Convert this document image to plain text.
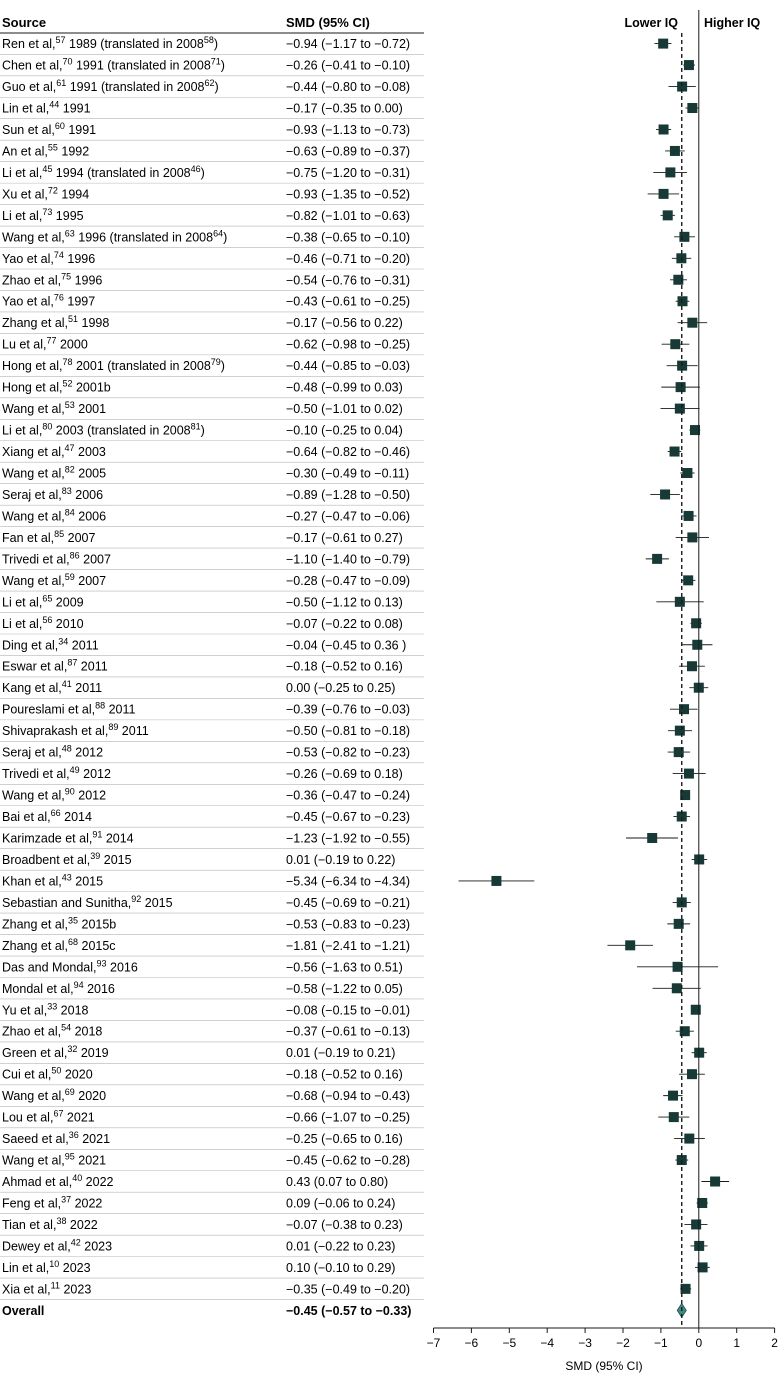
Source	SMD (95% CI)	Lower IQ Higher IQ
Ren et al,$^{57}$ 1989 (translated in $2008^{58}$)	−0.94 (−1.17 to −0.72)
Chen et al,$^{70}$ 1991 (translated in $2008^{71}$)	−0.26 (−0.41 to −0.10)
Guo et al,$^{61}$ 1991 (translated in $2008^{62}$)	−0.44 (−0.80 to −0.08)
Lin et al,$^{44}$ 1991	−0.17 (−0.35 to 0.00)
Sun et al,$^{60}$ 1991	−0.93 (−1.13 to −0.73)
An et al,$^{55}$ 1992	−0.63 (−0.89 to −0.37)
Li et al,$^{45}$ 1994 (translated in $2008^{46}$)	−0.75 (−1.20 to −0.31)
Xu et al,$^{72}$ 1994	−0.93 (−1.35 to −0.52)
Li et al,$^{73}$ 1995	−0.82 (−1.01 to −0.63)
Wang et al,$^{63}$ 1996 (translated in $2008^{64}$)	−0.38 (−0.65 to −0.10)
Yao et al,$^{74}$ 1996	−0.46 (−0.71 to −0.20)
Zhao et al,$^{75}$ 1996	−0.54 (−0.76 to −0.31)
Yao et al,$^{76}$ 1997	−0.43 (−0.61 to −0.25)
Zhang et al,$^{51}$ 1998	−0.17 (−0.56 to 0.22)
Lu et al,$^{77}$ 2000	−0.62 (−0.98 to −0.25)
Hong et al,$^{78}$ 2001 (translated in $2008^{79}$)	−0.44 (−0.85 to −0.03)
Hong et al,$^{52}$ 2001b	−0.48 (−0.99 to 0.03)
Wang et al,$^{53}$ 2001	−0.50 (−1.01 to 0.02)
Li et al,$^{80}$ 2003 (translated in $2008^{81}$)	−0.10 (−0.25 to 0.04)
Xiang et al,$^{47}$ 2003	−0.64 (−0.82 to −0.46)
Wang et al,$^{82}$ 2005	−0.30 (−0.49 to −0.11)
Seraj et al,$^{83}$ 2006	−0.89 (−1.28 to −0.50)
Wang et al,$^{84}$ 2006	−0.27 (−0.47 to −0.06)
Fan et al,$^{85}$ 2007	−0.17 (−0.61 to 0.27)
Trivedi et al,$^{86}$ 2007	−1.10 (−1.40 to −0.79)
Wang et al,$^{59}$ 2007	−0.28 (−0.47 to −0.09)
Li et al,$^{65}$ 2009	−0.50 (−1.12 to 0.13)
Li et al,$^{56}$ 2010	−0.07 (−0.22 to 0.08)
Ding et al,$^{34}$ 2011	−0.04 (−0.45 to 0.36 )
Eswar et al,$^{87}$ 2011	−0.18 (−0.52 to 0.16)
Kang et al,$^{41}$ 2011	0.00 (−0.25 to 0.25)
Poureslami et al,$^{88}$ 2011	−0.39 (−0.76 to −0.03)
Shivaprakash et al,$^{89}$ 2011	−0.50 (−0.81 to −0.18)
Seraj et al,$^{48}$ 2012	−0.53 (−0.82 to −0.23)
Trivedi et al,$^{49}$ 2012	−0.26 (−0.69 to 0.18)
Wang et al,$^{90}$ 2012	−0.36 (−0.47 to −0.24)
Bai et al,$^{66}$ 2014	−0.45 (−0.67 to −0.23)
Karimzade et al,$^{91}$ 2014	−1.23 (−1.92 to −0.55)
Broadbent et al,$^{39}$ 2015	0.01 (−0.19 to 0.22)
Khan et al,$^{43}$ 2015	−5.34 (−6.34 to −4.34)
Sebastian and Sunitha,$^{92}$ 2015	−0.45 (−0.69 to −0.21)
Zhang et al,$^{35}$ 2015b	−0.53 (−0.83 to −0.23)
Zhang et al,$^{68}$ 2015c	−1.81 (−2.41 to −1.21)
Das and Mondal,$^{93}$ 2016	−0.56 (−1.63 to 0.51)
Mondal et al,$^{94}$ 2016	−0.58 (−1.22 to 0.05)
Yu et al,$^{33}$ 2018	−0.08 (−0.15 to −0.01)
Zhao et al,$^{54}$ 2018	−0.37 (−0.61 to −0.13)
Green et al,$^{32}$ 2019	0.01 (−0.19 to 0.21)
Cui et al,$^{50}$ 2020	−0.18 (−0.52 to 0.16)
Wang et al,$^{69}$ 2020	−0.68 (−0.94 to −0.43)
Lou et al,$^{67}$ 2021	−0.66 (−1.07 to −0.25)
Saeed et al,$^{36}$ 2021	−0.25 (−0.65 to 0.16)
Wang et al,$^{95}$ 2021	−0.45 (−0.62 to −0.28)
Ahmad et al,$^{40}$ 2022	0.43 (0.07 to 0.80)
Feng et al,$^{37}$ 2022	0.09 (−0.06 to 0.24)
Tian et al,$^{38}$ 2022	−0.07 (−0.38 to 0.23)
Dewey et al,$^{42}$ 2023	0.01 (−0.22 to 0.23)
Lin et al,$^{10}$ 2023	0.10 (−0.10 to 0.29)
Xia et al,$^{11}$ 2023	−0.35 (−0.49 to −0.20)
Overall	−0.45 (−0.57 to −0.33)
SMD (95% CI)
−7 −6 −5 −4 −3 −2 −1 0	1	2
